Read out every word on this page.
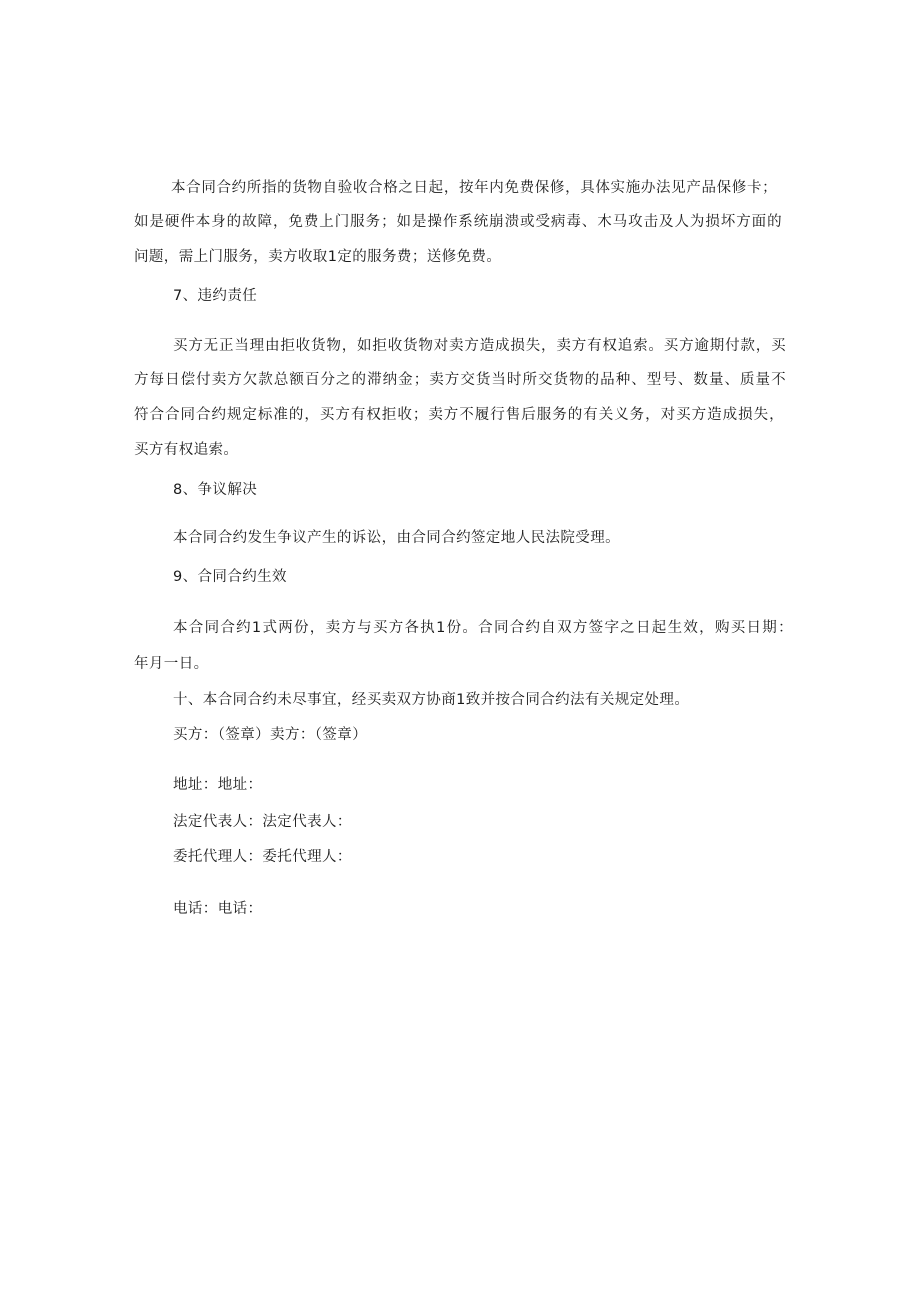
本合同合约所指的货物自验收合格之日起，按年内免费保修，具体实施办法见产品保修卡；
如是硬件本身的故障，免费上门服务；如是操作系统崩溃或受病毒、木马攻击及人为损坏方面的
问题，需上门服务，卖方收取1定的服务费；送修免费。
7、违约责任
买方无正当理由拒收货物，如拒收货物对卖方造成损失，卖方有权追索。买方逾期付款，买
方每日偿付卖方欠款总额百分之的滞纳金；卖方交货当时所交货物的品种、型号、数量、质量不
符合合同合约规定标准的，买方有权拒收；卖方不履行售后服务的有关义务，对买方造成损失，
买方有权追索。
8、争议解决
本合同合约发生争议产生的诉讼，由合同合约签定地人民法院受理。
9、合同合约生效
本合同合约1式两份，卖方与买方各执1份。合同合约自双方签字之日起生效，购买日期：
年月一日。
十、本合同合约未尽事宜，经买卖双方协商1致并按合同合约法有关规定处理。
买方：（签章）卖方：（签章）
地址：地址：
法定代表人：法定代表人：
委托代理人：委托代理人：
电话：电话：
